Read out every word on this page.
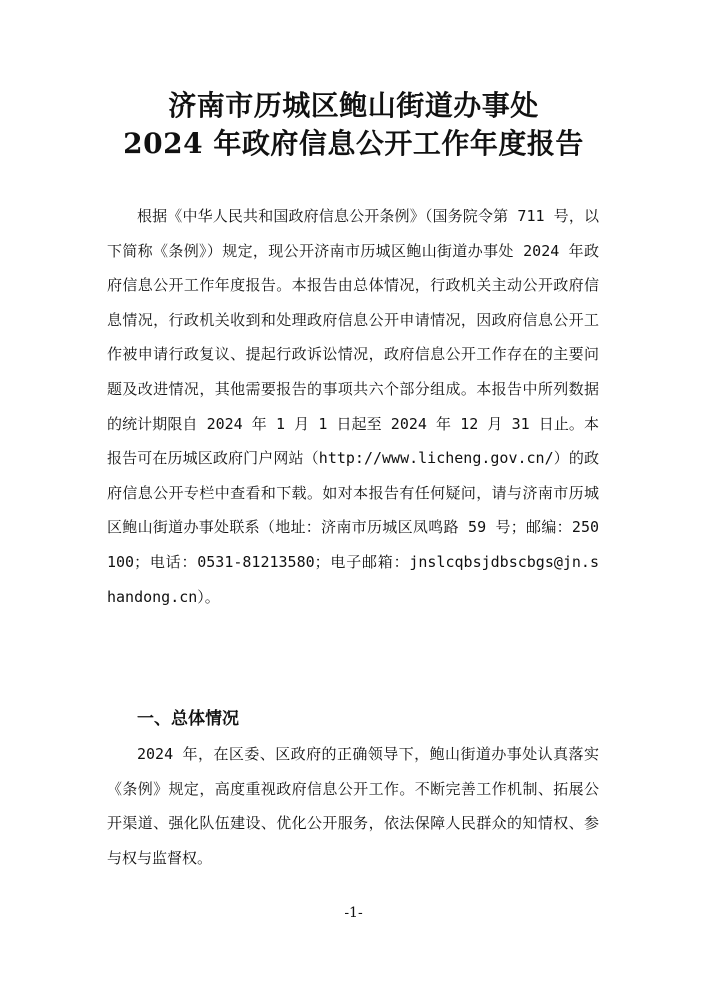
济南市历城区鲍山街道办事处
2024 年政府信息公开工作年度报告
根据《中华人民共和国政府信息公开条例》（国务院令第 711 号，以下简称《条例》）规定，现公开济南市历城区鲍山街道办事处 2024 年政府信息公开工作年度报告。本报告由总体情况，行政机关主动公开政府信息情况，行政机关收到和处理政府信息公开申请情况，因政府信息公开工作被申请行政复议、提起行政诉讼情况，政府信息公开工作存在的主要问题及改进情况，其他需要报告的事项共六个部分组成。本报告中所列数据的统计期限自 2024 年 1 月 1 日起至 2024 年 12 月 31 日止。本报告可在历城区政府门户网站（http://www.licheng.gov.cn/）的政府信息公开专栏中查看和下载。如对本报告有任何疑问，请与济南市历城区鲍山街道办事处联系（地址：济南市历城区凤鸣路 59 号；邮编：250100；电话：0531-81213580；电子邮箱：jnslcqbsjdbscbgs@jn.shandong.cn）。
一、总体情况
2024 年，在区委、区政府的正确领导下，鲍山街道办事处认真落实《条例》规定，高度重视政府信息公开工作。不断完善工作机制、拓展公开渠道、强化队伍建设、优化公开服务，依法保障人民群众的知情权、参与权与监督权。
-1-
